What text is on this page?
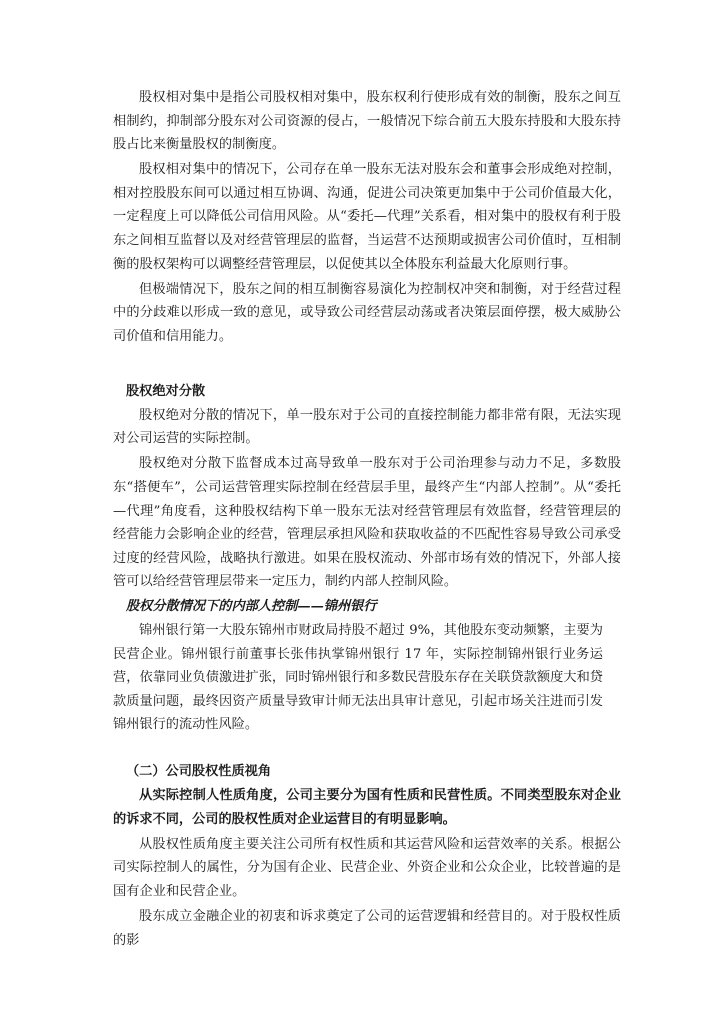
股权相对集中是指公司股权相对集中，股东权利行使形成有效的制衡，股东之间互相制约，抑制部分股东对公司资源的侵占，一般情况下综合前五大股东持股和大股东持股占比来衡量股权的制衡度。

股权相对集中的情况下，公司存在单一股东无法对股东会和董事会形成绝对控制，相对控股股东间可以通过相互协调、沟通，促进公司决策更加集中于公司价值最大化，一定程度上可以降低公司信用风险。从“委托—代理”关系看，相对集中的股权有利于股东之间相互监督以及对经营管理层的监督，当运营不达预期或损害公司价值时，互相制衡的股权架构可以调整经营管理层，以促使其以全体股东利益最大化原则行事。

但极端情况下，股东之间的相互制衡容易演化为控制权冲突和制衡，对于经营过程中的分歧难以形成一致的意见，或导致公司经营层动荡或者决策层面停摆，极大威胁公司价值和信用能力。

股权绝对分散

股权绝对分散的情况下，单一股东对于公司的直接控制能力都非常有限，无法实现对公司运营的实际控制。

股权绝对分散下监督成本过高导致单一股东对于公司治理参与动力不足，多数股东“搭便车”，公司运营管理实际控制在经营层手里，最终产生“内部人控制”。从“委托—代理”角度看，这种股权结构下单一股东无法对经营管理层有效监督，经营管理层的经营能力会影响企业的经营，管理层承担风险和获取收益的不匹配性容易导致公司承受过度的经营风险，战略执行激进。如果在股权流动、外部市场有效的情况下，外部人接管可以给经营管理层带来一定压力，制约内部人控制风险。

股权分散情况下的内部人控制——锦州银行

锦州银行第一大股东锦州市财政局持股不超过 9%，其他股东变动频繁，主要为民营企业。锦州银行前董事长张伟执掌锦州银行 17 年，实际控制锦州银行业务运营，依靠同业负债激进扩张，同时锦州银行和多数民营股东存在关联贷款额度大和贷款质量问题，最终因资产质量导致审计师无法出具审计意见，引起市场关注进而引发锦州银行的流动性风险。

（二）公司股权性质视角

从实际控制人性质角度，公司主要分为国有性质和民营性质。不同类型股东对企业的诉求不同，公司的股权性质对企业运营目的有明显影响。

从股权性质角度主要关注公司所有权性质和其运营风险和运营效率的关系。根据公司实际控制人的属性，分为国有企业、民营企业、外资企业和公众企业，比较普遍的是国有企业和民营企业。

股东成立金融企业的初衷和诉求奠定了公司的运营逻辑和经营目的。对于股权性质的影
